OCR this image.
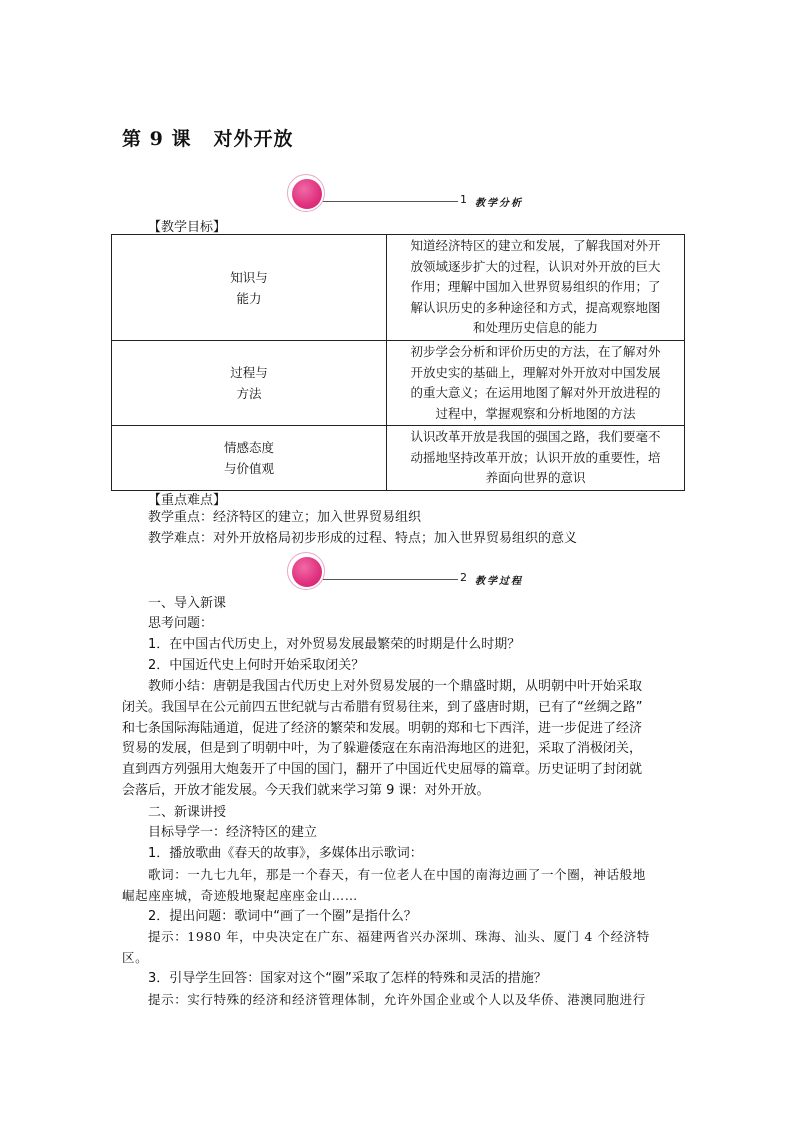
第 9 课 对外开放
1 教学分析
【教学目标】
知识与
能力	知道经济特区的建立和发展，了解我国对外开
放领域逐步扩大的过程，认识对外开放的巨大
作用；理解中国加入世界贸易组织的作用；了
解认识历史的多种途径和方式，提高观察地图
和处理历史信息的能力

过程与
方法	初步学会分析和评价历史的方法，在了解对外
开放史实的基础上，理解对外开放对中国发展
的重大意义；在运用地图了解对外开放进程的
过程中，掌握观察和分析地图的方法

情感态度
与价值观	认识改革开放是我国的强国之路，我们要毫不
动摇地坚持改革开放；认识开放的重要性，培
养面向世界的意识
【重点难点】
教学重点：经济特区的建立；加入世界贸易组织
教学难点：对外开放格局初步形成的过程、特点；加入世界贸易组织的意义
2 教学过程
一、导入新课
思考问题：
1．在中国古代历史上，对外贸易发展最繁荣的时期是什么时期？
2．中国近代史上何时开始采取闭关？
教师小结：唐朝是我国古代历史上对外贸易发展的一个鼎盛时期，从明朝中叶开始采取
闭关。我国早在公元前四五世纪就与古希腊有贸易往来，到了盛唐时期，已有了“丝绸之路”
和七条国际海陆通道，促进了经济的繁荣和发展。明朝的郑和七下西洋，进一步促进了经济
贸易的发展，但是到了明朝中叶，为了躲避倭寇在东南沿海地区的进犯，采取了消极闭关，
直到西方列强用大炮轰开了中国的国门，翻开了中国近代史屈辱的篇章。历史证明了封闭就
会落后，开放才能发展。今天我们就来学习第 9 课：对外开放。
二、新课讲授
目标导学一：经济特区的建立
1．播放歌曲《春天的故事》，多媒体出示歌词：
歌词：一九七九年，那是一个春天，有一位老人在中国的南海边画了一个圈，神话般地
崛起座座城，奇迹般地聚起座座金山……
2．提出问题：歌词中“画了一个圈”是指什么？
提示：1980 年，中央决定在广东、福建两省兴办深圳、珠海、汕头、厦门 4 个经济特
区。
3．引导学生回答：国家对这个“圈”采取了怎样的特殊和灵活的措施？
提示：实行特殊的经济和经济管理体制，允许外国企业或个人以及华侨、港澳同胞进行
